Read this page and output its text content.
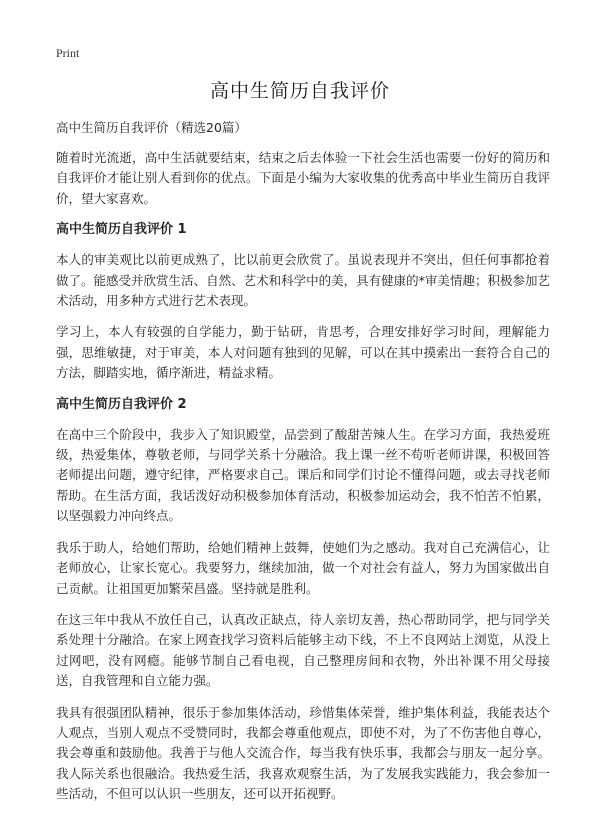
Print
高中生简历自我评价
高中生简历自我评价（精选20篇）

随着时光流逝，高中生活就要结束，结束之后去体验一下社会生活也需要一份好的简历和自我评价才能让别人看到你的优点。下面是小编为大家收集的优秀高中毕业生简历自我评价，望大家喜欢。

高中生简历自我评价 1

本人的审美观比以前更成熟了，比以前更会欣赏了。虽说表现并不突出，但任何事都抢着做了。能感受并欣赏生活、自然、艺术和科学中的美，具有健康的*审美情趣；积极参加艺术活动，用多种方式进行艺术表现。

学习上，本人有较强的自学能力，勤于钻研，肯思考，合理安排好学习时间，理解能力强，思维敏捷，对于审美，本人对问题有独到的见解，可以在其中摸索出一套符合自己的方法，脚踏实地，循序渐进，精益求精。

高中生简历自我评价 2

在高中三个阶段中，我步入了知识殿堂，品尝到了酸甜苦辣人生。在学习方面，我热爱班级，热爱集体，尊敬老师，与同学关系十分融洽。我上课一丝不苟听老师讲课，积极回答老师提出问题，遵守纪律，严格要求自己。课后和同学们讨论不懂得问题，或去寻找老师帮助。在生活方面，我话泼好动积极参加体育活动，积极参加运动会，我不怕苦不怕累，以坚强毅力冲向终点。

我乐于助人，给她们帮助，给她们精神上鼓舞，使她们为之感动。我对自己充满信心，让老师放心，让家长宽心。我要努力，继续加油，做一个对社会有益人，努力为国家做出自己贡献。让祖国更加繁荣昌盛。坚持就是胜利。

在这三年中我从不放任自己，认真改正缺点，待人亲切友善，热心帮助同学，把与同学关系处理十分融洽。在家上网查找学习资料后能够主动下线，不上不良网站上浏览，从没上过网吧，没有网瘾。能够节制自己看电视，自己整理房间和衣物，外出补课不用父母接送，自我管理和自立能力强。

我具有很强团队精神，很乐于参加集体活动，珍惜集体荣誉，维护集体利益，我能表达个人观点，当别人观点不受赞同时，我都会尊重他观点，即使不对，为了不伤害他自尊心，我会尊重和鼓励他。我善于与他人交流合作，每当我有快乐事，我都会与朋友一起分享。我人际关系也很融洽。我热爱生活，我喜欢观察生活，为了发展我实践能力，我会参加一些活动，不但可以认识一些朋友，还可以开拓视野。
